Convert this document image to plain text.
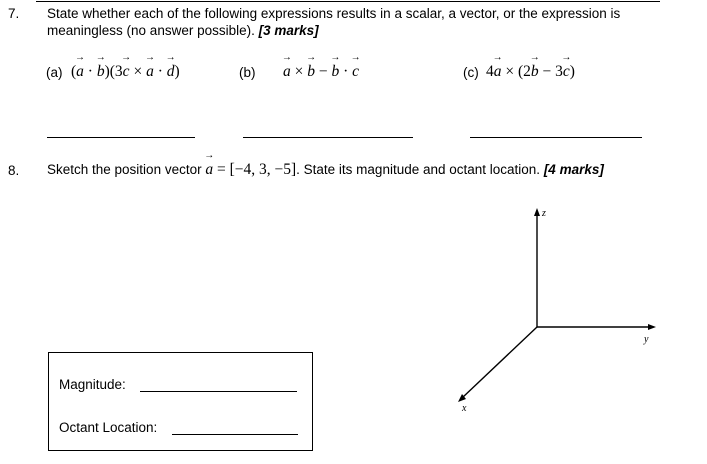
7. State whether each of the following expressions results in a scalar, a vector, or the expression is
meaningless (no answer possible). [3 marks]
(a) (→ a · → b)(3→ c × → a · → d)	(b) → a × → b − → b · → c	(c) 4→ a × (2→ b − 3→ c)
8. Sketch the position vector → a = [−4, 3, −5]. State its magnitude and octant location. [4 marks]
Magnitude:
Octant Location:
z
y
x
